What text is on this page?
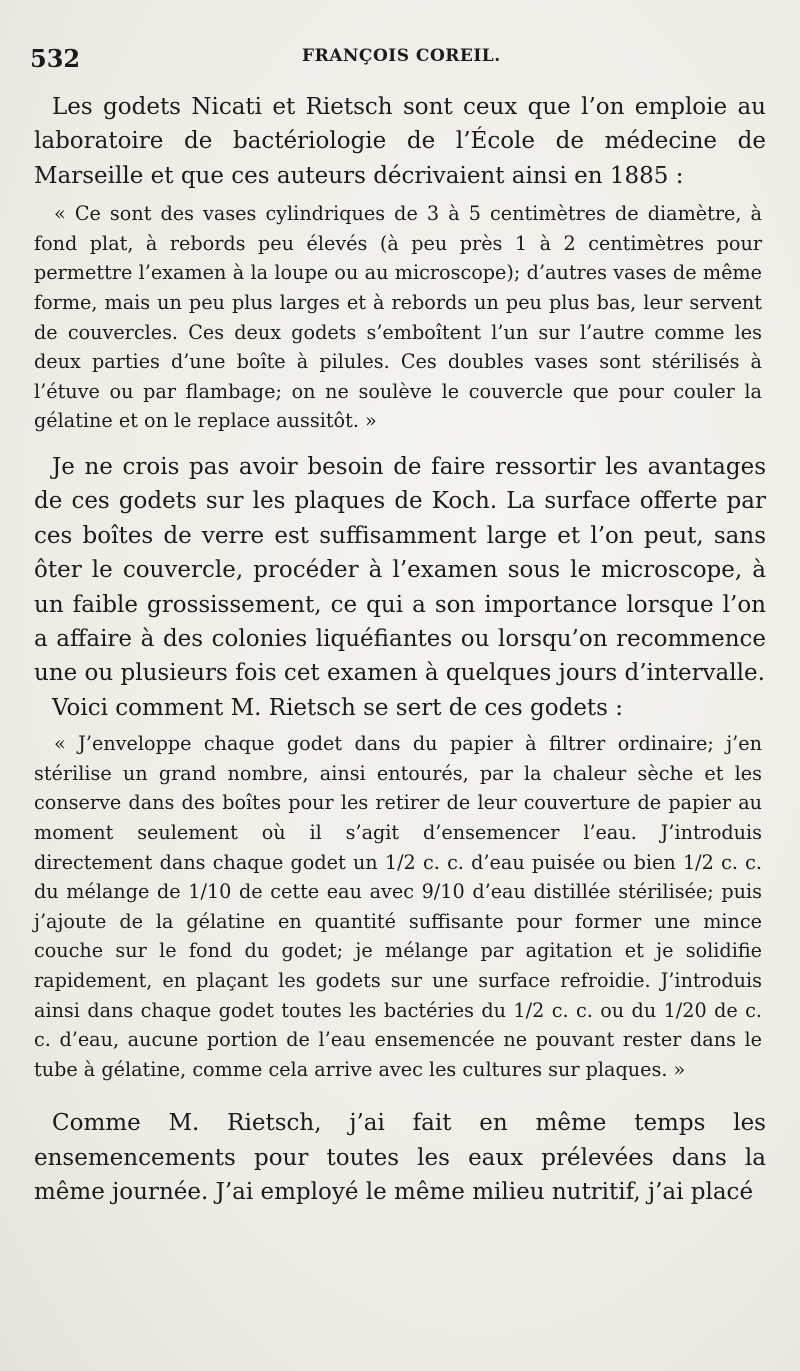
532	FRANÇOIS COREIL.

Les godets Nicati et Rietsch sont ceux que l’on emploie au laboratoire de bactériologie de l’École de médecine de Marseille et que ces auteurs décrivaient ainsi en 1885 :

« Ce sont des vases cylindriques de 3 à 5 centimètres de diamètre, à fond plat, à rebords peu élevés (à peu près 1 à 2 centimètres pour permettre l’examen à la loupe ou au microscope); d’autres vases de même forme, mais un peu plus larges et à rebords un peu plus bas, leur servent de couvercles. Ces deux godets s’emboîtent l’un sur l’autre comme les deux parties d’une boîte à pilules. Ces doubles vases sont stérilisés à l’étuve ou par flambage; on ne soulève le couvercle que pour couler la gélatine et on le replace aussitôt. »

Je ne crois pas avoir besoin de faire ressortir les avantages de ces godets sur les plaques de Koch. La surface offerte par ces boîtes de verre est suffisamment large et l’on peut, sans ôter le couvercle, procéder à l’examen sous le microscope, à un faible grossissement, ce qui a son importance lorsque l’on a affaire à des colonies liquéfiantes ou lorsqu’on recommence une ou plusieurs fois cet examen à quelques jours d’intervalle.

Voici comment M. Rietsch se sert de ces godets :

« J’enveloppe chaque godet dans du papier à filtrer ordinaire; j’en stérilise un grand nombre, ainsi entourés, par la chaleur sèche et les conserve dans des boîtes pour les retirer de leur couverture de papier au moment seulement où il s’agit d’ensemencer l’eau. J’introduis directement dans chaque godet un 1/2 c. c. d’eau puisée ou bien 1/2 c. c. du mélange de 1/10 de cette eau avec 9/10 d’eau distillée stérilisée; puis j’ajoute de la gélatine en quantité suffisante pour former une mince couche sur le fond du godet; je mélange par agitation et je solidifie rapidement, en plaçant les godets sur une surface refroidie. J’introduis ainsi dans chaque godet toutes les bactéries du 1/2 c. c. ou du 1/20 de c. c. d’eau, aucune portion de l’eau ensemencée ne pouvant rester dans le tube à gélatine, comme cela arrive avec les cultures sur plaques. »

Comme M. Rietsch, j’ai fait en même temps les ensemencements pour toutes les eaux prélevées dans la même journée. J’ai employé le même milieu nutritif, j’ai placé
